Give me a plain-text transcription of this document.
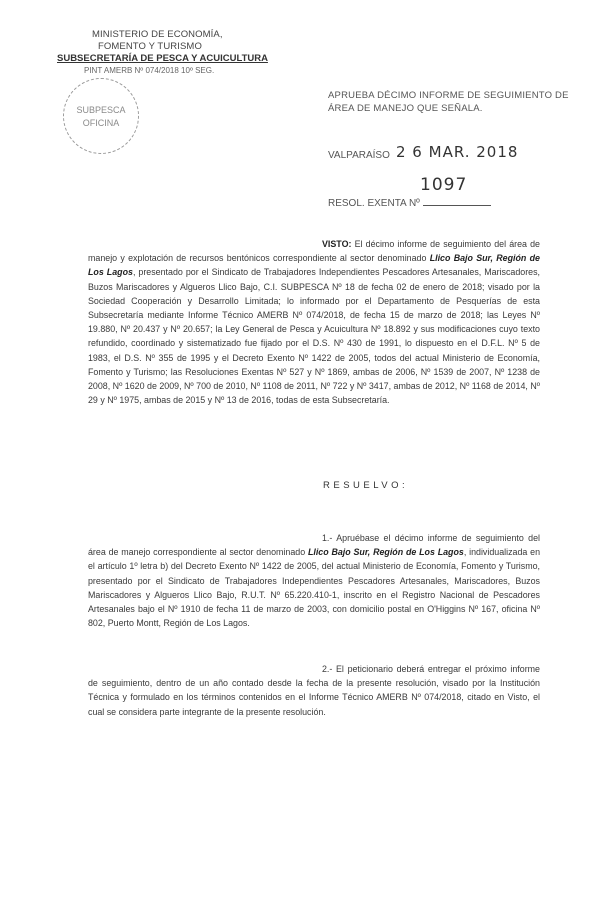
MINISTERIO DE ECONOMÍA,
FOMENTO Y TURISMO
SUBSECRETARÍA DE PESCA Y ACUICULTURA
PINT AMERB Nº 074/2018 10º SEG.
SUBPESCA
OFICINA
APRUEBA DÉCIMO INFORME DE SEGUIMIENTO DE
ÁREA DE MANEJO QUE SEÑALA.
VALPARAÍSO 2 6 MAR. 2018
RESOL. EXENTA Nº
1097
VISTO: El décimo informe de seguimiento del área de manejo y explotación de recursos bentónicos correspondiente al sector denominado Llico Bajo Sur, Región de Los Lagos, presentado por el Sindicato de Trabajadores Independientes Pescadores Artesanales, Mariscadores, Buzos Mariscadores y Algueros Llico Bajo, C.I. SUBPESCA Nº 18 de fecha 02 de enero de 2018; visado por la Sociedad Cooperación y Desarrollo Limitada; lo informado por el Departamento de Pesquerías de esta Subsecretaría mediante Informe Técnico AMERB Nº 074/2018, de fecha 15 de marzo de 2018; las Leyes Nº 19.880, Nº 20.437 y Nº 20.657; la Ley General de Pesca y Acuicultura Nº 18.892 y sus modificaciones cuyo texto refundido, coordinado y sistematizado fue fijado por el D.S. Nº 430 de 1991, lo dispuesto en el D.F.L. Nº 5 de 1983, el D.S. Nº 355 de 1995 y el Decreto Exento Nº 1422 de 2005, todos del actual Ministerio de Economía, Fomento y Turismo; las Resoluciones Exentas Nº 527 y Nº 1869, ambas de 2006, Nº 1539 de 2007, Nº 1238 de 2008, Nº 1620 de 2009, Nº 700 de 2010, Nº 1108 de 2011, Nº 722 y Nº 3417, ambas de 2012, Nº 1168 de 2014, Nº 29 y Nº 1975, ambas de 2015 y Nº 13 de 2016, todas de esta Subsecretaría.
RESUELVO:
1.- Apruébase el décimo informe de seguimiento del área de manejo correspondiente al sector denominado Llico Bajo Sur, Región de Los Lagos, individualizada en el artículo 1º letra b) del Decreto Exento Nº 1422 de 2005, del actual Ministerio de Economía, Fomento y Turismo, presentado por el Sindicato de Trabajadores Independientes Pescadores Artesanales, Mariscadores, Buzos Mariscadores y Algueros Llico Bajo, R.U.T. Nº 65.220.410-1, inscrito en el Registro Nacional de Pescadores Artesanales bajo el Nº 1910 de fecha 11 de marzo de 2003, con domicilio postal en O'Higgins Nº 167, oficina Nº 802, Puerto Montt, Región de Los Lagos.
2.- El peticionario deberá entregar el próximo informe de seguimiento, dentro de un año contado desde la fecha de la presente resolución, visado por la Institución Técnica y formulado en los términos contenidos en el Informe Técnico AMERB Nº 074/2018, citado en Visto, el cual se considera parte integrante de la presente resolución.
